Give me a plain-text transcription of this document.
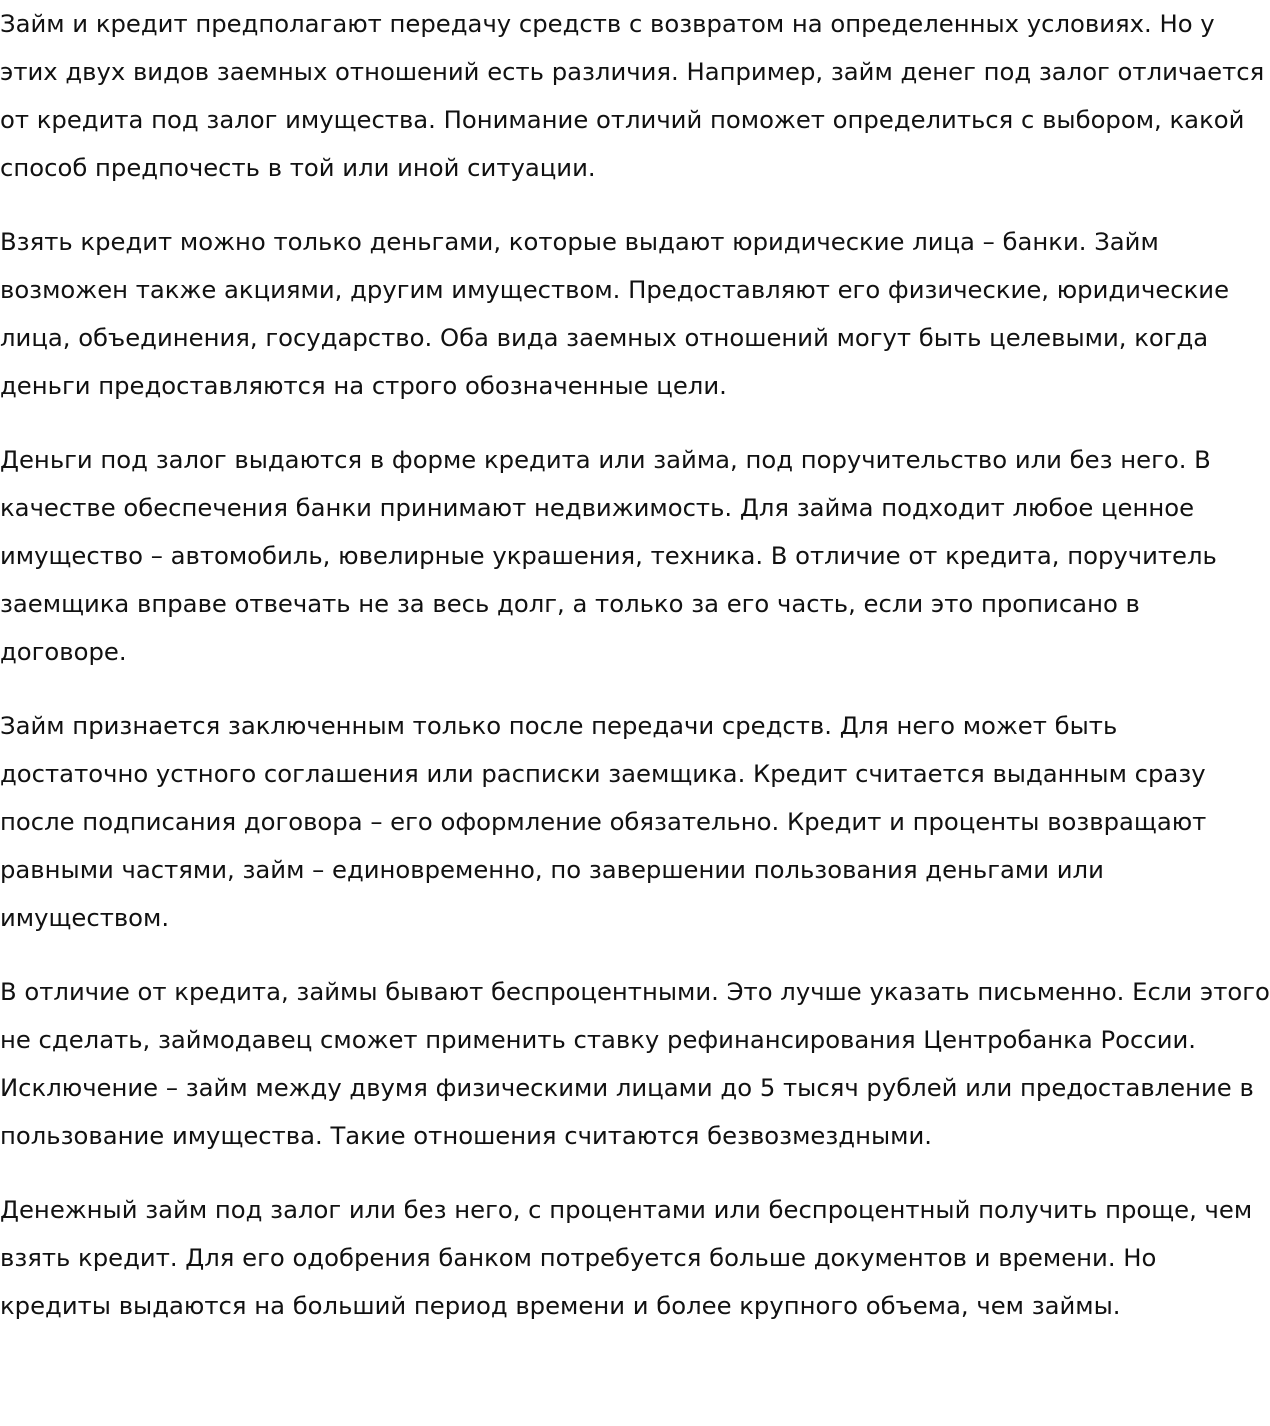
Займ и кредит предполагают передачу средств с возвратом на определенных условиях. Но у этих двух видов заемных отношений есть различия. Например, займ денег под залог отличается от кредита под залог имущества. Понимание отличий поможет определиться с выбором, какой способ предпочесть в той или иной ситуации.

Взять кредит можно только деньгами, которые выдают юридические лица – банки. Займ возможен также акциями, другим имуществом. Предоставляют его физические, юридические лица, объединения, государство. Оба вида заемных отношений могут быть целевыми, когда деньги предоставляются на строго обозначенные цели.

Деньги под залог выдаются в форме кредита или займа, под поручительство или без него. В качестве обеспечения банки принимают недвижимость. Для займа подходит любое ценное имущество – автомобиль, ювелирные украшения, техника. В отличие от кредита, поручитель заемщика вправе отвечать не за весь долг, а только за его часть, если это прописано в договоре.

Займ признается заключенным только после передачи средств. Для него может быть достаточно устного соглашения или расписки заемщика. Кредит считается выданным сразу после подписания договора – его оформление обязательно. Кредит и проценты возвращают равными частями, займ – единовременно, по завершении пользования деньгами или имуществом.

В отличие от кредита, займы бывают беспроцентными. Это лучше указать письменно. Если этого не сделать, займодавец сможет применить ставку рефинансирования Центробанка России. Исключение – займ между двумя физическими лицами до 5 тысяч рублей или предоставление в пользование имущества. Такие отношения считаются безвозмездными.

Денежный займ под залог или без него, с процентами или беспроцентный получить проще, чем взять кредит. Для его одобрения банком потребуется больше документов и времени. Но кредиты выдаются на больший период времени и более крупного объема, чем займы.
